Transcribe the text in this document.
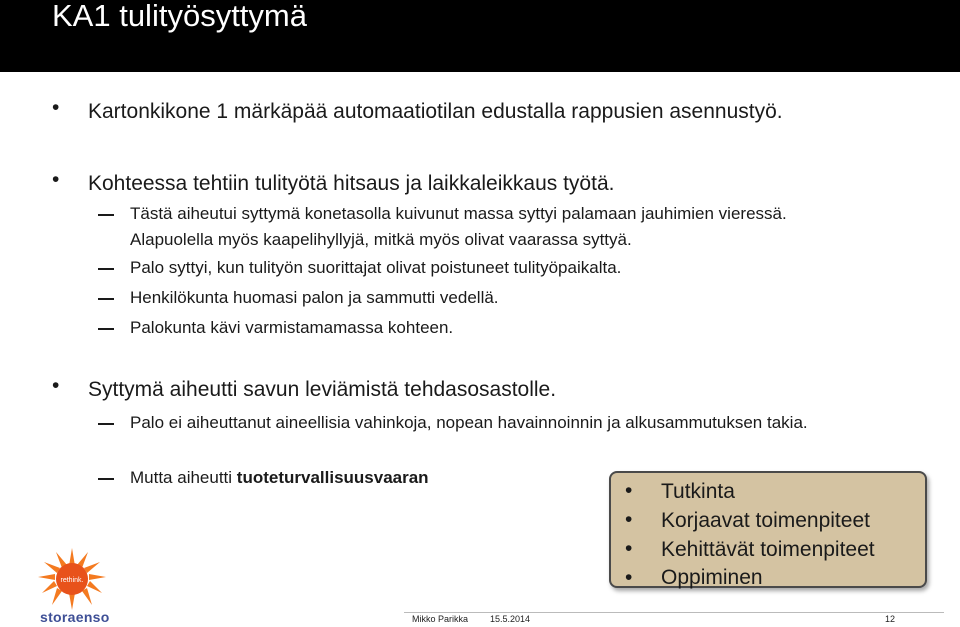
KA1 tulityösyttymä
• Kartonkikone 1 märkäpää automaatiotilan edustalla rappusien asennustyö.
• Kohteessa tehtiin tulityötä hitsaus ja laikkaleikkaus työtä.
Tästä aiheutui syttymä konetasolla kuivunut massa syttyi palamaan jauhimien vieressä. Alapuolella myös kaapelihyllyjä, mitkä myös olivat vaarassa syttyä.
Palo syttyi, kun tulityön suorittajat olivat poistuneet tulityöpaikalta.
Henkilökunta huomasi palon ja sammutti vedellä.
Palokunta kävi varmistamamassa kohteen.
• Syttymä aiheutti savun leviämistä tehdasosastolle.
Palo ei aiheuttanut aineellisia vahinkoja, nopean havainnoinnin ja alkusammutuksen takia.
Mutta aiheutti tuoteturvallisuusvaaran
• Tutkinta
• Korjaavat toimenpiteet
• Kehittävät toimenpiteet
• Oppiminen
rethink.
storaenso	Mikko Parikka 15.5.2014	12
